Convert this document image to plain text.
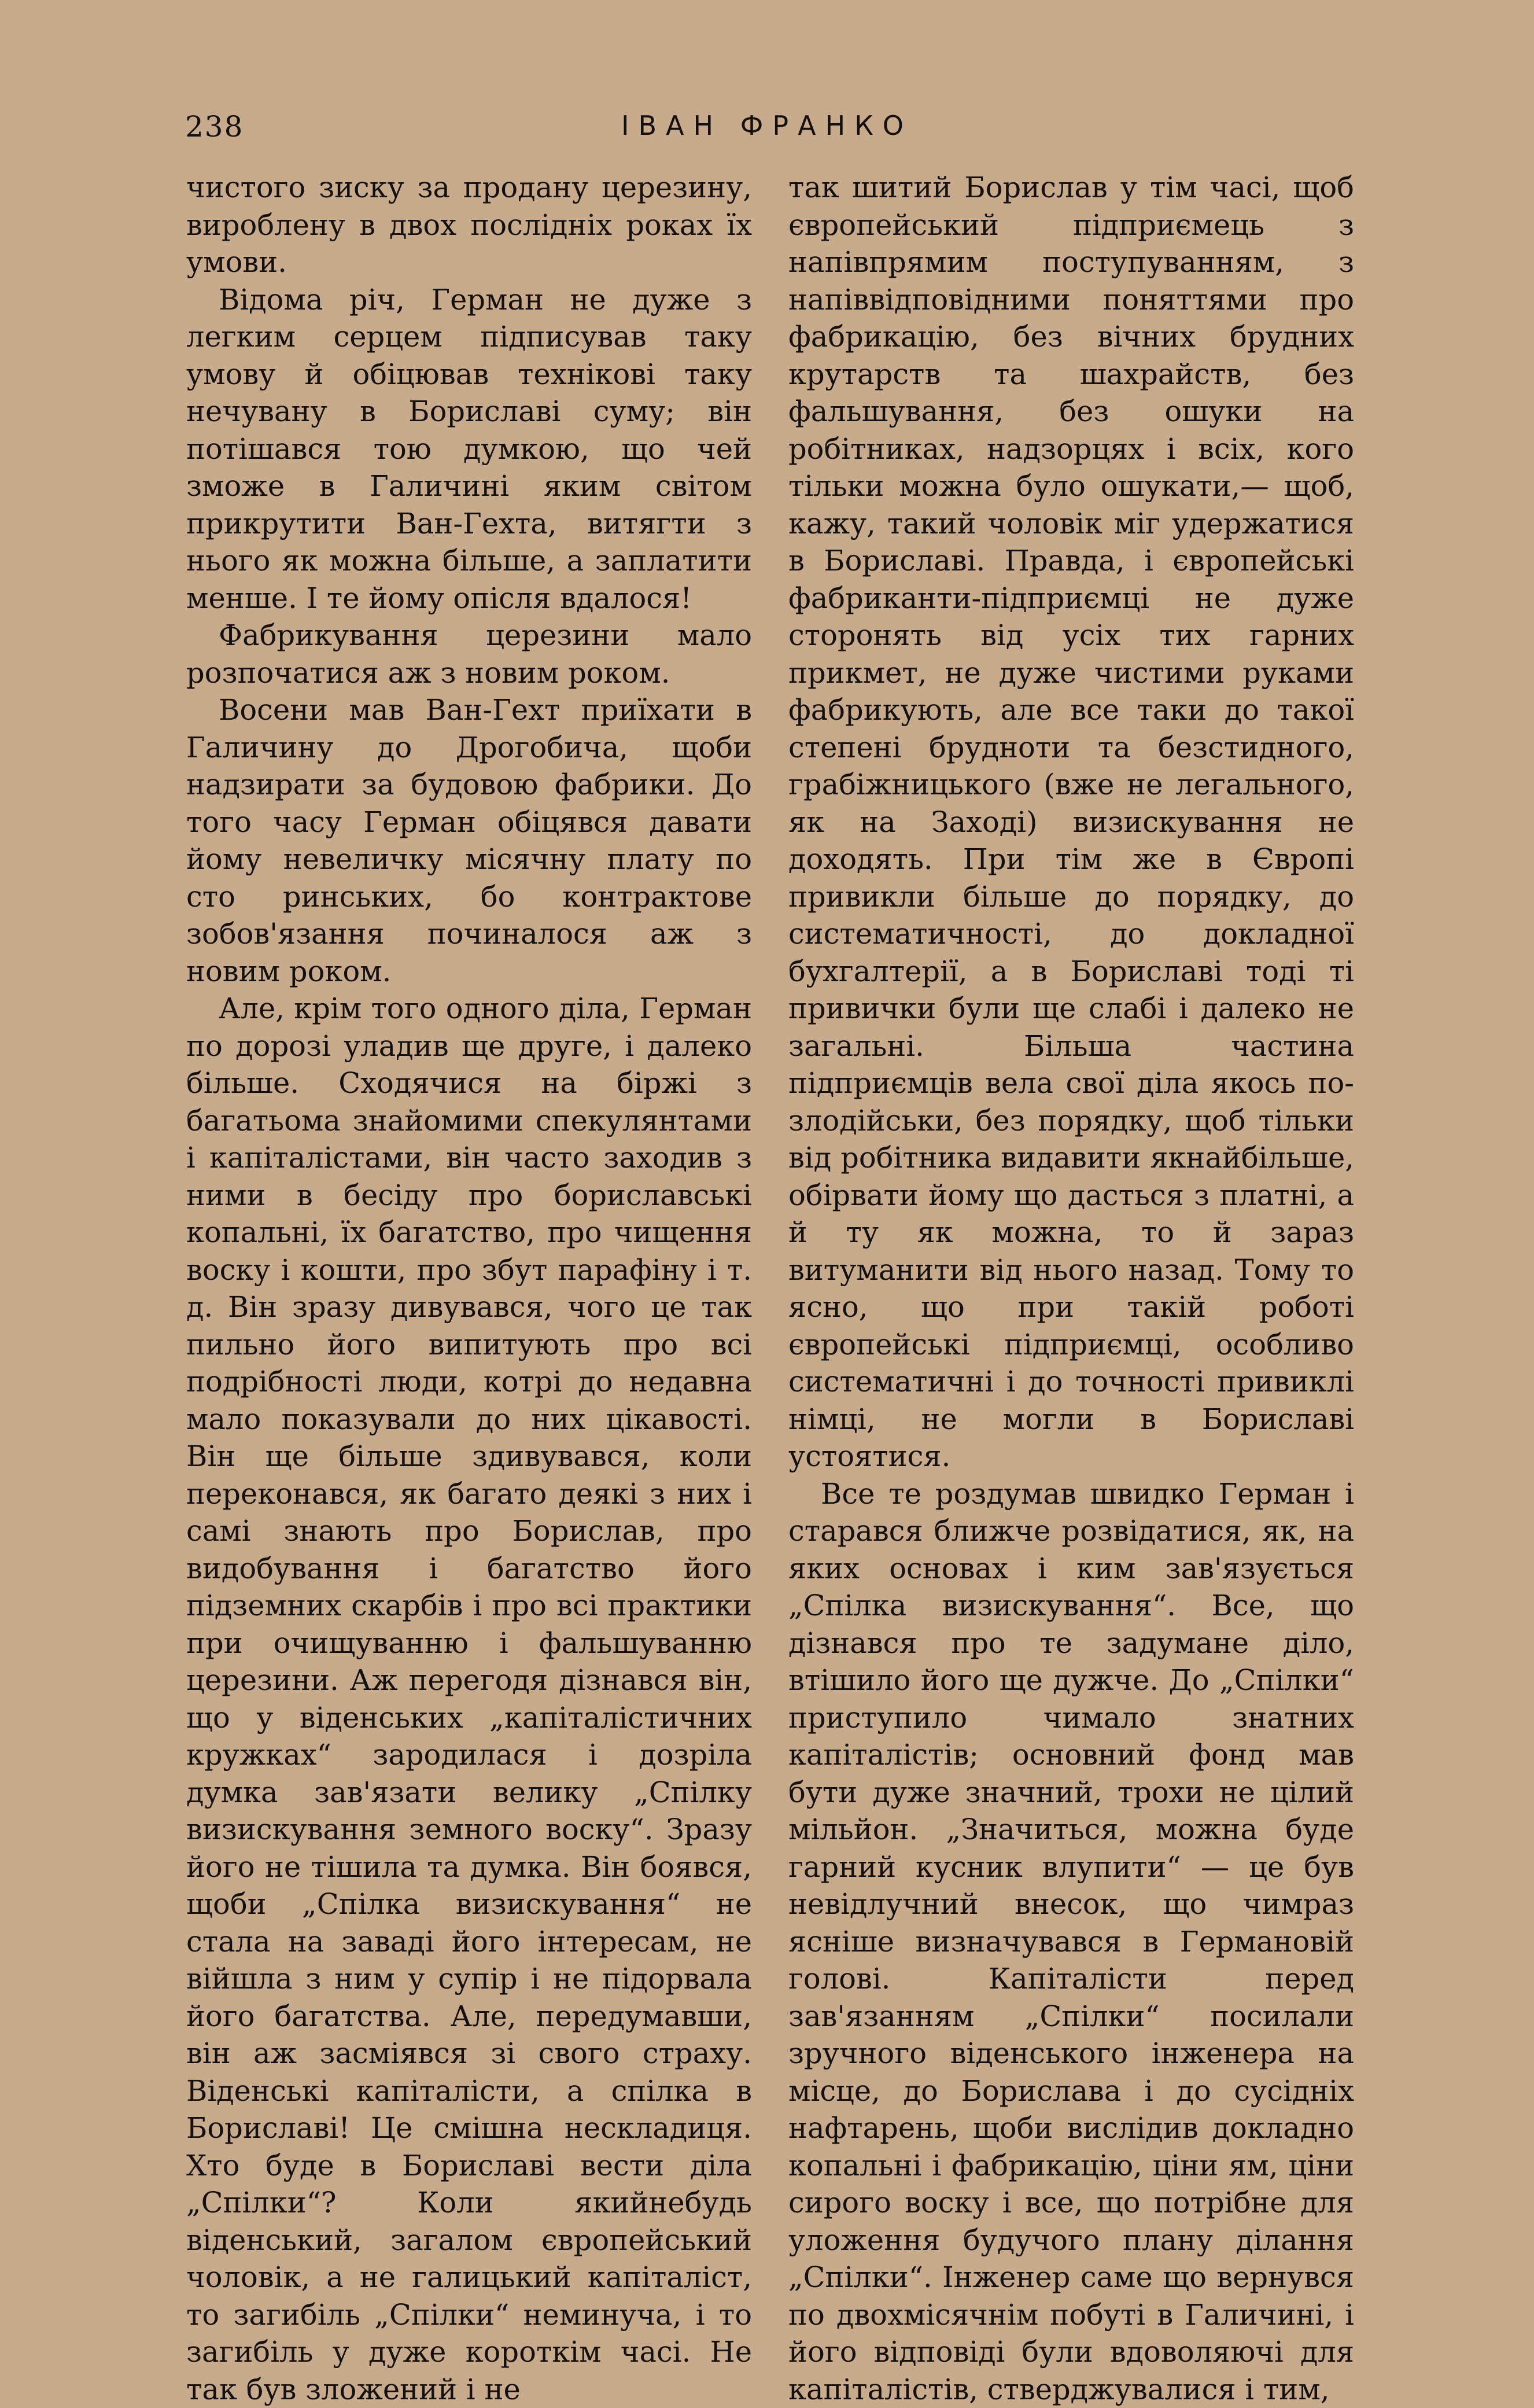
238	ІВАН ФРАНКО

чистого зиску за продану церезину, вироблену в двох послідніх роках їх умови.

Відома річ, Герман не дуже з легким серцем підписував таку умову й обіцював технікові таку нечувану в Бориславі суму; він потішався тою думкою, що чей зможе в Галичині яким світом прикрутити Ван-Гехта, витягти з нього як можна більше, а заплатити менше. І те йому опісля вдалося!

Фабрикування церезини мало розпочатися аж з новим роком.

Восени мав Ван-Гехт приїхати в Галичину до Дрогобича, щоби надзирати за будовою фабрики. До того часу Герман обіцявся давати йому невеличку місячну плату по сто ринських, бо контрактове зобов'язання починалося аж з новим роком.

Але, крім того одного діла, Герман по дорозі уладив ще друге, і далеко більше. Сходячися на біржі з багатьома знайомими спекулянтами і капіталістами, він часто заходив з ними в бесіду про бориславські копальні, їх багатство, про чищення воску і кошти, про збут парафіну і т. д. Він зразу дивувався, чого це так пильно його випитують про всі подрібності люди, котрі до недавна мало показували до них цікавості. Він ще більше здивувався, коли переконався, як багато деякі з них і самі знають про Борислав, про видобування і багатство його підземних скарбів і про всі практики при очищуванню і фальшуванню церезини. Аж перегодя дізнався він, що у віденських „капіталістичних кружках“ зародилася і дозріла думка зав'язати велику „Спілку визискування земного воску“. Зразу його не тішила та думка. Він боявся, щоби „Спілка визискування“ не стала на заваді його інтересам, не війшла з ним у супір і не підорвала його багатства. Але, передумавши, він аж засміявся зі свого страху. Віденські капіталісти, а спілка в Бориславі! Це смішна нескладиця. Хто буде в Бориславі вести діла „Спілки“? Коли якийнебудь віденський, загалом європейський чоловік, а не галицький капіталіст, то загибіль „Спілки“ неминуча, і то загибіль у дуже короткім часі. Не так був зложений і не

так шитий Борислав у тім часі, щоб європейський підприємець з напівпрямим поступуванням, з напіввідповідними поняттями про фабрикацію, без вічних брудних крутарств та шахрайств, без фальшування, без ошуки на робітниках, надзорцях і всіх, кого тільки можна було ошукати,— щоб, кажу, такий чоловік міг удержатися в Бориславі. Правда, і європейські фабриканти-підприємці не дуже сторонять від усіх тих гарних прикмет, не дуже чистими руками фабрикують, але все таки до такої степені брудноти та безстидного, грабіжницького (вже не легального, як на Заході) визискування не доходять. При тім же в Європі привикли більше до порядку, до систематичності, до докладної бухгалтерії, а в Бориславі тоді ті привички були ще слабі і далеко не загальні. Більша частина підприємців вела свої діла якось по-злодійськи, без порядку, щоб тільки від робітника видавити якнайбільше, обірвати йому що дасться з платні, а й ту як можна, то й зараз витуманити від нього назад. Тому то ясно, що при такій роботі європейські підприємці, особливо систематичні і до точності привиклі німці, не могли в Бориславі устоятися.

Все те роздумав швидко Герман і старався ближче розвідатися, як, на яких основах і ким зав'язується „Спілка визискування“. Все, що дізнався про те задумане діло, втішило його ще дужче. До „Спілки“ приступило чимало знатних капіталістів; основний фонд мав бути дуже значний, трохи не цілий мільйон. „Значиться, можна буде гарний кусник влупити“ — це був невідлучний внесок, що чимраз ясніше визначувався в Германовій голові. Капіталісти перед зав'язанням „Спілки“ посилали зручного віденського інженера на місце, до Борислава і до сусідніх нафтарень, щоби вислідив докладно копальні і фабрикацію, ціни ям, ціни сирого воску і все, що потрібне для уложення будучого плану ділання „Спілки“. Інженер саме що вернувся по двохмісячнім побуті в Галичині, і його відповіді були вдоволяючі для капіталістів, стверджувалися і тим,
